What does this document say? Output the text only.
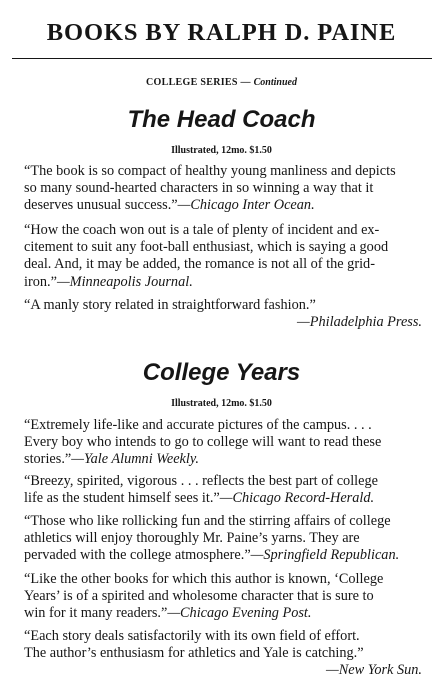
BOOKS BY RALPH D. PAINE
COLLEGE SERIES — Continued
The Head Coach
Illustrated, 12mo. $1.50
“The book is so compact of healthy young manliness and depicts
so many sound-hearted characters in so winning a way that it
deserves unusual success.”—Chicago Inter Ocean.
“How the coach won out is a tale of plenty of incident and ex-
citement to suit any foot-ball enthusiast, which is saying a good
deal. And, it may be added, the romance is not all of the grid-
iron.”—Minneapolis Journal.
“A manly story related in straightforward fashion.”
—Philadelphia Press.
College Years
Illustrated, 12mo. $1.50
“Extremely life-like and accurate pictures of the campus. . . .
Every boy who intends to go to college will want to read these
stories.”—Yale Alumni Weekly.
“Breezy, spirited, vigorous . . . reflects the best part of college
life as the student himself sees it.”—Chicago Record-Herald.
“Those who like rollicking fun and the stirring affairs of college
athletics will enjoy thoroughly Mr. Paine’s yarns. They are
pervaded with the college atmosphere.”—Springfield Republican.
“Like the other books for which this author is known, ‘College
Years’ is of a spirited and wholesome character that is sure to
win for it many readers.”—Chicago Evening Post.
“Each story deals satisfactorily with its own field of effort.
The author’s enthusiasm for athletics and Yale is catching.”
—New York Sun.
